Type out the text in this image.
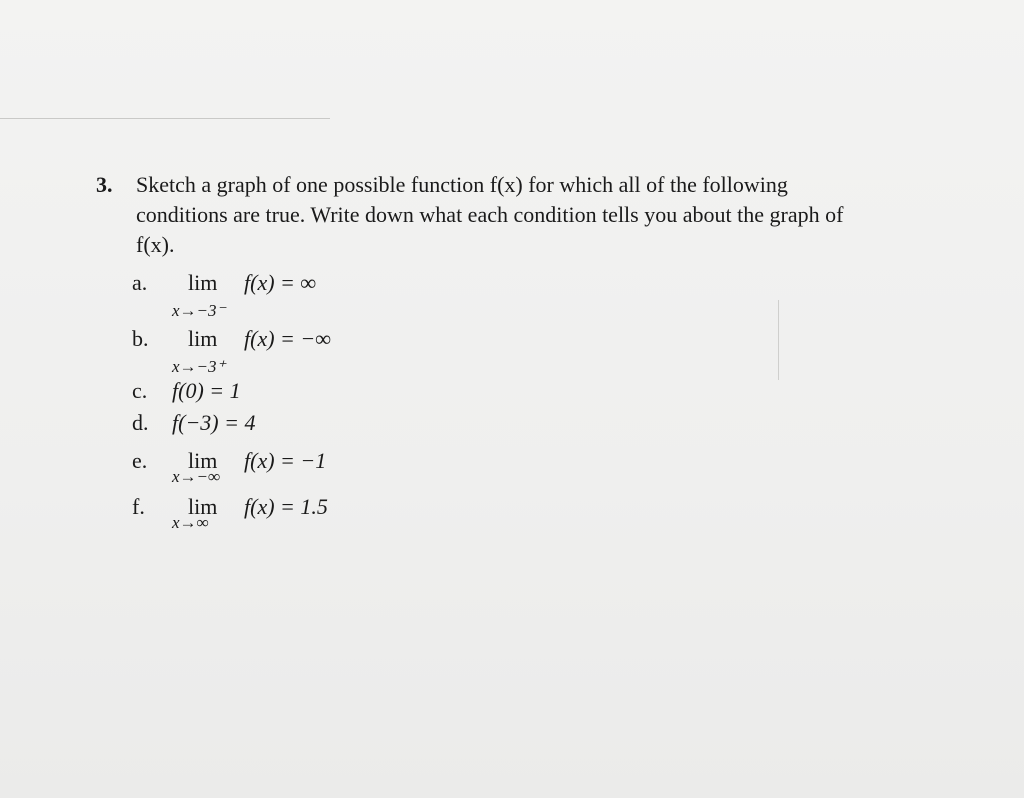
3. Sketch a graph of one possible function f(x) for which all of the following
conditions are true. Write down what each condition tells you about the graph of
f(x).
a. lim
x→−3⁻
f(x) = ∞
b. lim
x→−3⁺
f(x) = −∞
c. f(0) = 1
d. f(−3) = 4
e. lim
x→−∞
f(x) = −1
f. lim
x→∞
f(x) = 1.5
